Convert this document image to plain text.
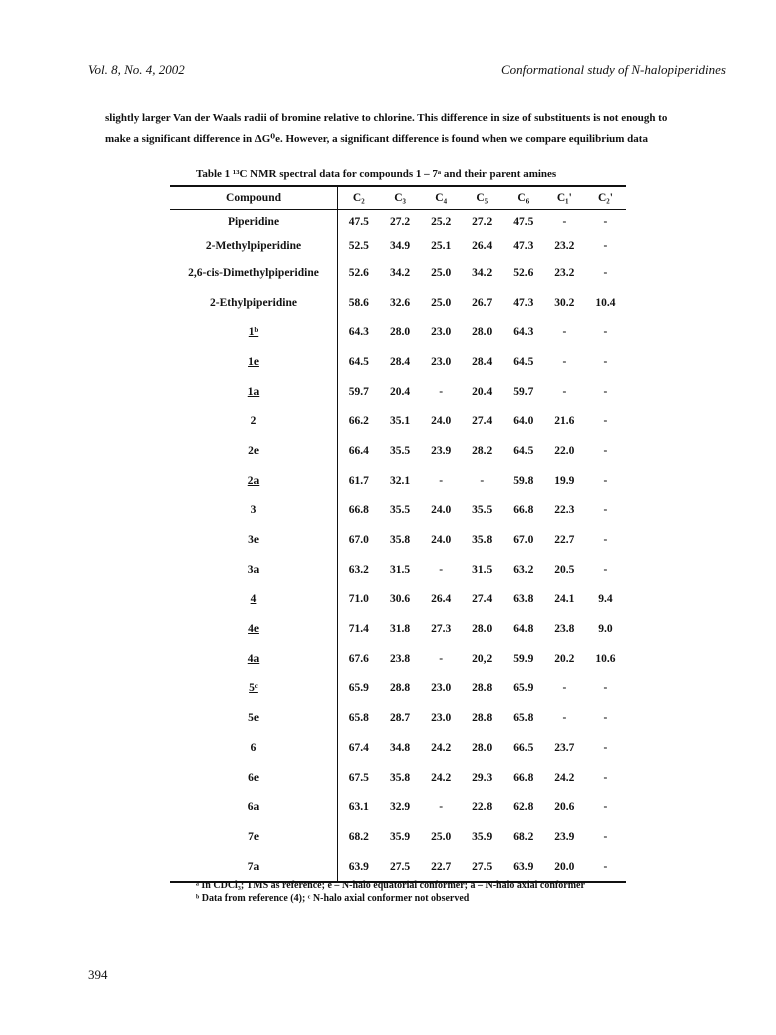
Vol. 8, No. 4, 2002	Conformational study of N-halopiperidines

slightly larger Van der Waals radii of bromine relative to chlorine. This difference in size of substituents is not enough to

make a significant difference in ΔG⁰e. However, a significant difference is found when we compare equilibrium data

Table 1 ¹³C NMR spectral data for compounds 1 – 7ᵃ and their parent amines
Compound	C₂	C₃	C₄	C₅	C₆	C₁'	C₂'
Piperidine	47.5	27.2	25.2	27.2	47.5	-	-
2-Methylpiperidine	52.5	34.9	25.1	26.4	47.3	23.2	-
2,6-cis-Dimethylpiperidine	52.6	34.2	25.0	34.2	52.6	23.2	-
2-Ethylpiperidine	58.6	32.6	25.0	26.7	47.3	30.2	10.4
1ᵇ	64.3	28.0	23.0	28.0	64.3	-	-
1e	64.5	28.4	23.0	28.4	64.5	-	-
1a	59.7	20.4	-	20.4	59.7	-	-
2	66.2	35.1	24.0	27.4	64.0	21.6	-
2e	66.4	35.5	23.9	28.2	64.5	22.0	-
2a	61.7	32.1	-	-	59.8	19.9	-
3	66.8	35.5	24.0	35.5	66.8	22.3	-
3e	67.0	35.8	24.0	35.8	67.0	22.7	-
3a	63.2	31.5	-	31.5	63.2	20.5	-
4	71.0	30.6	26.4	27.4	63.8	24.1	9.4
4e	71.4	31.8	27.3	28.0	64.8	23.8	9.0
4a	67.6	23.8	-	20,2	59.9	20.2	10.6
5ᶜ	65.9	28.8	23.0	28.8	65.9	-	-
5e	65.8	28.7	23.0	28.8	65.8	-	-
6	67.4	34.8	24.2	28.0	66.5	23.7	-
6e	67.5	35.8	24.2	29.3	66.8	24.2	-
6a	63.1	32.9	-	22.8	62.8	20.6	-
7e	68.2	35.9	25.0	35.9	68.2	23.9	-
7a	63.9	27.5	22.7	27.5	63.9	20.0	-
ᵃ In CDCl₃; TMS as reference; e – N-halo equatorial conformer; a – N-halo axial conformer
ᵇ Data from reference (4); ᶜ N-halo axial conformer not observed
394
